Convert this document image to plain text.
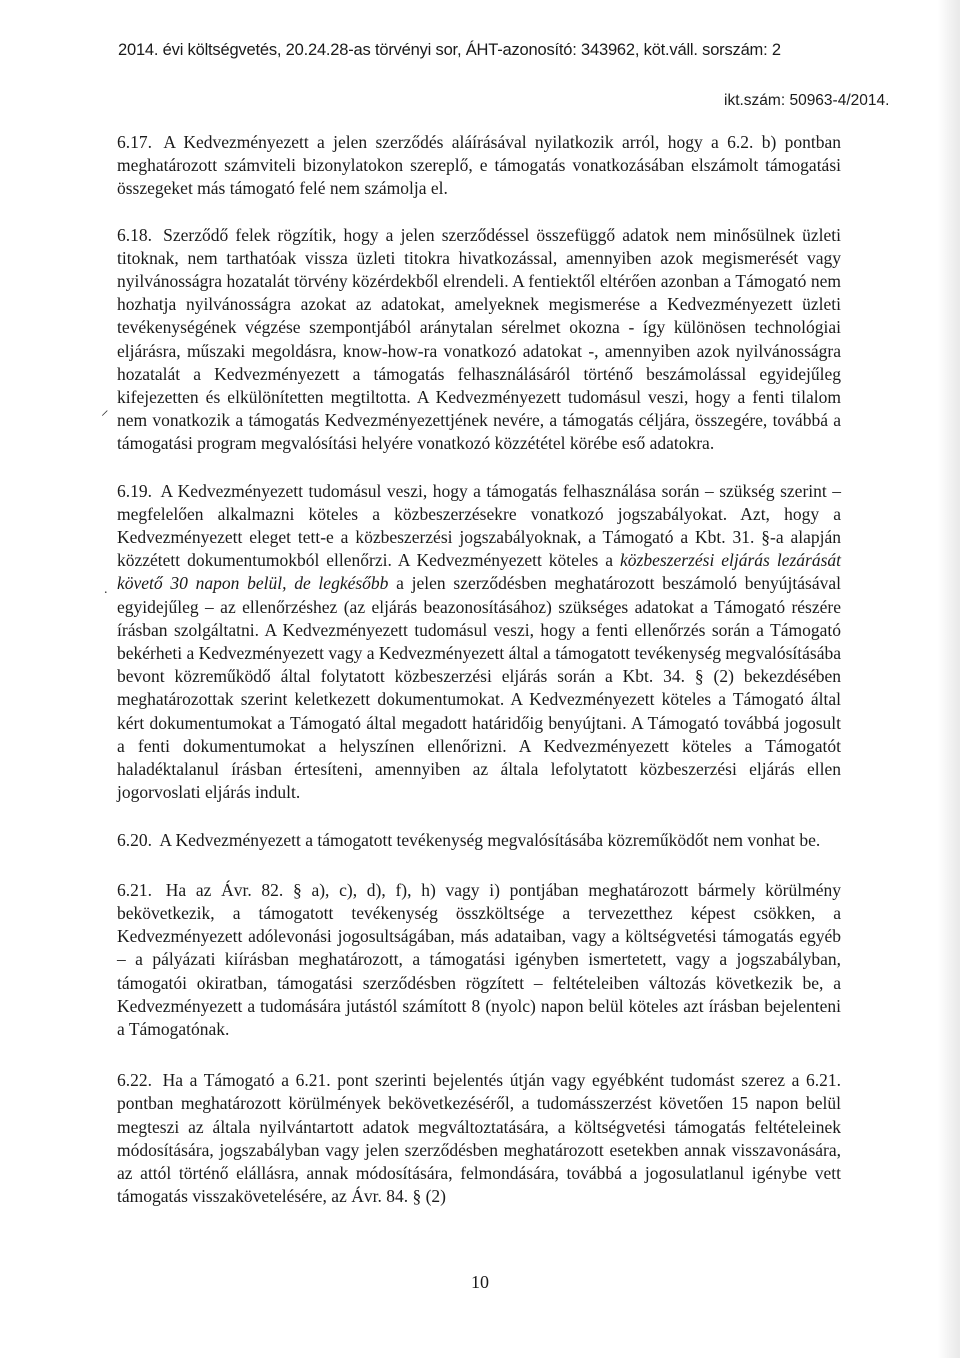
2014. évi költségvetés, 20.24.28-as törvényi sor, ÁHT-azonosító: 343962, köt.váll. sorszám: 2
ikt.szám: 50963-4/2014.
⸍
.

6.17. A Kedvezményezett a jelen szerződés aláírásával nyilatkozik arról, hogy a 6.2. b) pontban meghatározott számviteli bizonylatokon szereplő, e támogatás vonatkozásában elszámolt támogatási összegeket más támogató felé nem számolja el.

6.18. Szerződő felek rögzítik, hogy a jelen szerződéssel összefüggő adatok nem minősülnek üzleti titoknak, nem tarthatóak vissza üzleti titokra hivatkozással, amennyiben azok megismerését vagy nyilvánosságra hozatalát törvény közérdekből elrendeli. A fentiektől eltérően azonban a Támogató nem hozhatja nyilvánosságra azokat az adatokat, amelyeknek megismerése a Kedvezményezett üzleti tevékenységének végzése szempontjából aránytalan sérelmet okozna - így különösen technológiai eljárásra, műszaki megoldásra, know-how-ra vonatkozó adatokat -, amennyiben azok nyilvánosságra hozatalát a Kedvezményezett a támogatás felhasználásáról történő beszámolással egyidejűleg kifejezetten és elkülönítetten megtiltotta. A Kedvezményezett tudomásul veszi, hogy a fenti tilalom nem vonatkozik a támogatás Kedvezményezettjének nevére, a támogatás céljára, összegére, továbbá a támogatási program megvalósítási helyére vonatkozó közzététel körébe eső adatokra.

6.19. A Kedvezményezett tudomásul veszi, hogy a támogatás felhasználása során – szükség szerint – megfelelően alkalmazni köteles a közbeszerzésekre vonatkozó jogszabályokat. Azt, hogy a Kedvezményezett eleget tett-e a közbeszerzési jogszabályoknak, a Támogató a Kbt. 31. §-a alapján közzétett dokumentumokból ellenőrzi. A Kedvezményezett köteles a közbeszerzési eljárás lezárását követő 30 napon belül, de legkésőbb a jelen szerződésben meghatározott beszámoló benyújtásával egyidejűleg – az ellenőrzéshez (az eljárás beazonosításához) szükséges adatokat a Támogató részére írásban szolgáltatni. A Kedvezményezett tudomásul veszi, hogy a fenti ellenőrzés során a Támogató bekérheti a Kedvezményezett vagy a Kedvezményezett által a támogatott tevékenység megvalósításába bevont közreműködő által folytatott közbeszerzési eljárás során a Kbt. 34. § (2) bekezdésében meghatározottak szerint keletkezett dokumentumokat. A Kedvezményezett köteles a Támogató által kért dokumentumokat a Támogató által megadott határidőig benyújtani. A Támogató továbbá jogosult a fenti dokumentumokat a helyszínen ellenőrizni. A Kedvezményezett köteles a Támogatót haladéktalanul írásban értesíteni, amennyiben az általa lefolytatott közbeszerzési eljárás ellen jogorvoslati eljárás indult.

6.20. A Kedvezményezett a támogatott tevékenység megvalósításába közreműködőt nem vonhat be.

6.21. Ha az Ávr. 82. § a), c), d), f), h) vagy i) pontjában meghatározott bármely körülmény bekövetkezik, a támogatott tevékenység összköltsége a tervezetthez képest csökken, a Kedvezményezett adólevonási jogosultságában, más adataiban, vagy a költségvetési támogatás egyéb – a pályázati kiírásban meghatározott, a támogatási igényben ismertetett, vagy a jogszabályban, támogatói okiratban, támogatási szerződésben rögzített – feltételeiben változás következik be, a Kedvezményezett a tudomására jutástól számított 8 (nyolc) napon belül köteles azt írásban bejelenteni a Támogatónak.

6.22. Ha a Támogató a 6.21. pont szerinti bejelentés útján vagy egyébként tudomást szerez a 6.21. pontban meghatározott körülmények bekövetkezéséről, a tudomásszerzést követően 15 napon belül megteszi az általa nyilvántartott adatok megváltoztatására, a költségvetési támogatás feltételeinek módosítására, jogszabályban vagy jelen szerződésben meghatározott esetekben annak visszavonására, az attól történő elállásra, annak módosítására, felmondására, továbbá a jogosulatlanul igénybe vett támogatás visszakövetelésére, az Ávr. 84. § (2)

10
